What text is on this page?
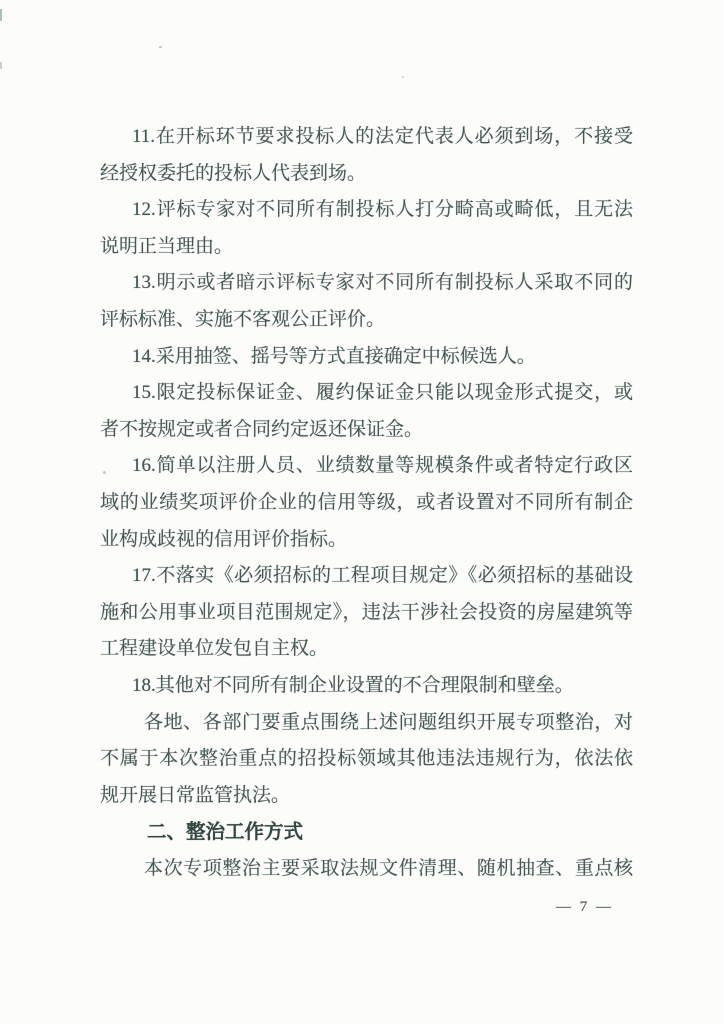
11.在开标环节要求投标人的法定代表人必须到场，不接受
经授权委托的投标人代表到场。
12.评标专家对不同所有制投标人打分畸高或畸低，且无法
说明正当理由。
13.明示或者暗示评标专家对不同所有制投标人采取不同的
评标标准、实施不客观公正评价。
14.采用抽签、摇号等方式直接确定中标候选人。
15.限定投标保证金、履约保证金只能以现金形式提交，或
者不按规定或者合同约定返还保证金。
16.简单以注册人员、业绩数量等规模条件或者特定行政区
域的业绩奖项评价企业的信用等级，或者设置对不同所有制企
业构成歧视的信用评价指标。
17.不落实《必须招标的工程项目规定》《必须招标的基础设
施和公用事业项目范围规定》，违法干涉社会投资的房屋建筑等
工程建设单位发包自主权。
18.其他对不同所有制企业设置的不合理限制和壁垒。
各地、各部门要重点围绕上述问题组织开展专项整治，对
不属于本次整治重点的招投标领域其他违法违规行为，依法依
规开展日常监管执法。
二、整治工作方式
本次专项整治主要采取法规文件清理、随机抽查、重点核
— 7 —
